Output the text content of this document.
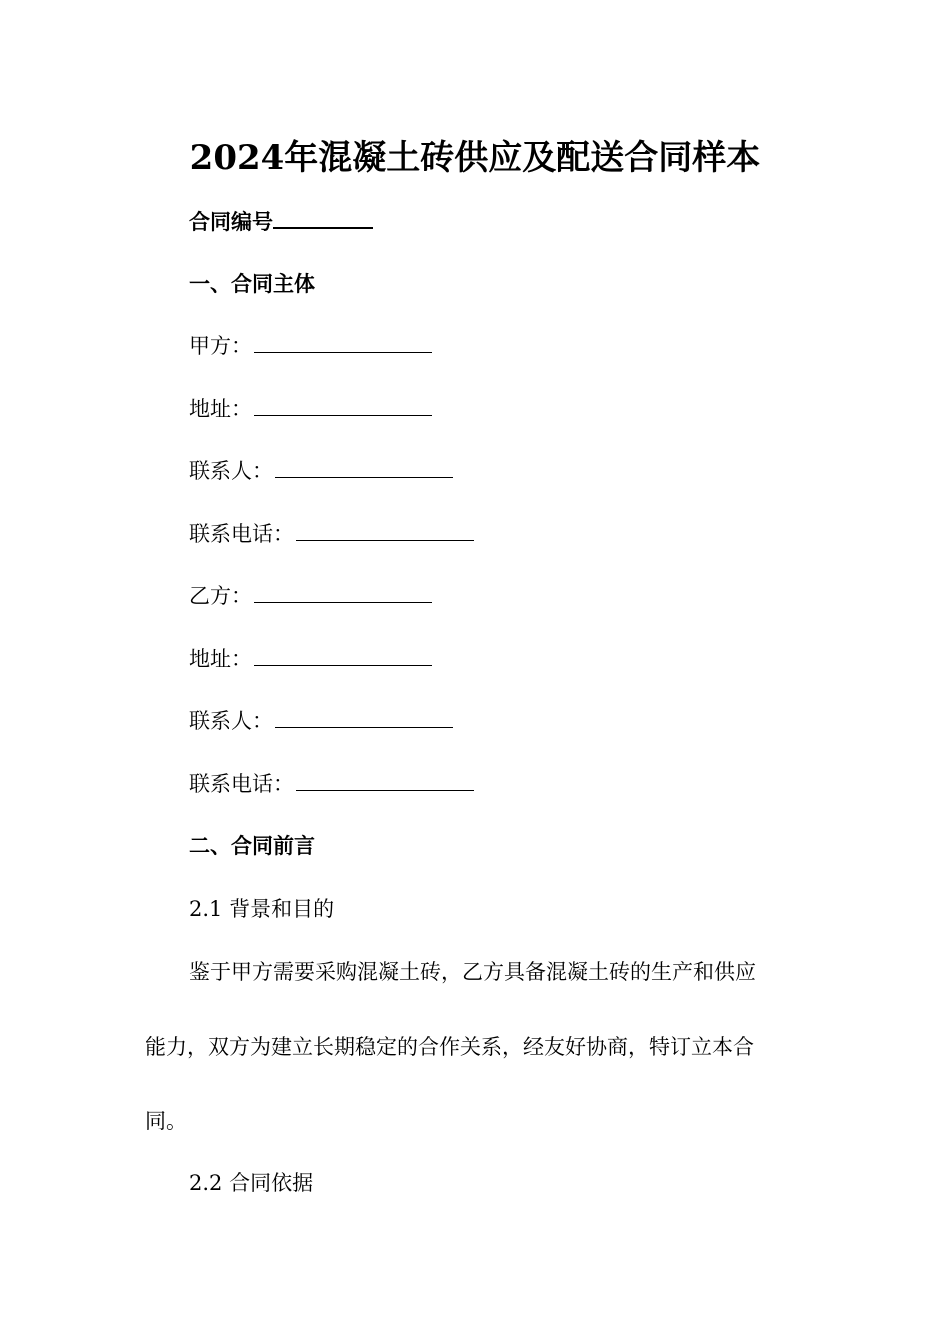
2024年混凝土砖供应及配送合同样本
合同编号
一、合同主体
甲方：
地址：
联系人：
联系电话：
乙方：
地址：
联系人：
联系电话：
二、合同前言
2.1 背景和目的
鉴于甲方需要采购混凝土砖，乙方具备混凝土砖的生产和供应
能力，双方为建立长期稳定的合作关系，经友好协商，特订立本合
同。
2.2 合同依据
